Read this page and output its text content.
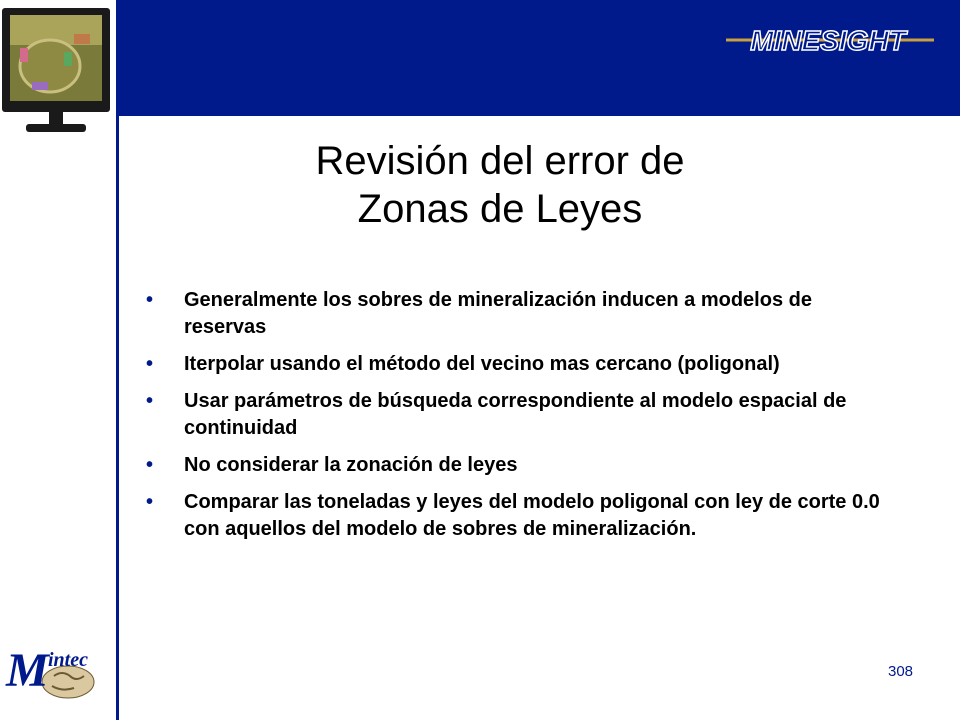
MINESIGHT
Revisión del error de
Zonas de Leyes
• Generalmente los sobres de mineralización inducen a modelos de reservas
• Iterpolar usando el método del vecino mas cercano (poligonal)
• Usar parámetros de búsqueda correspondiente al modelo espacial de continuidad
• No considerar la zonación de leyes
• Comparar las toneladas y leyes del modelo poligonal con ley de corte 0.0 con aquellos del modelo de sobres de mineralización.
M intec
308
